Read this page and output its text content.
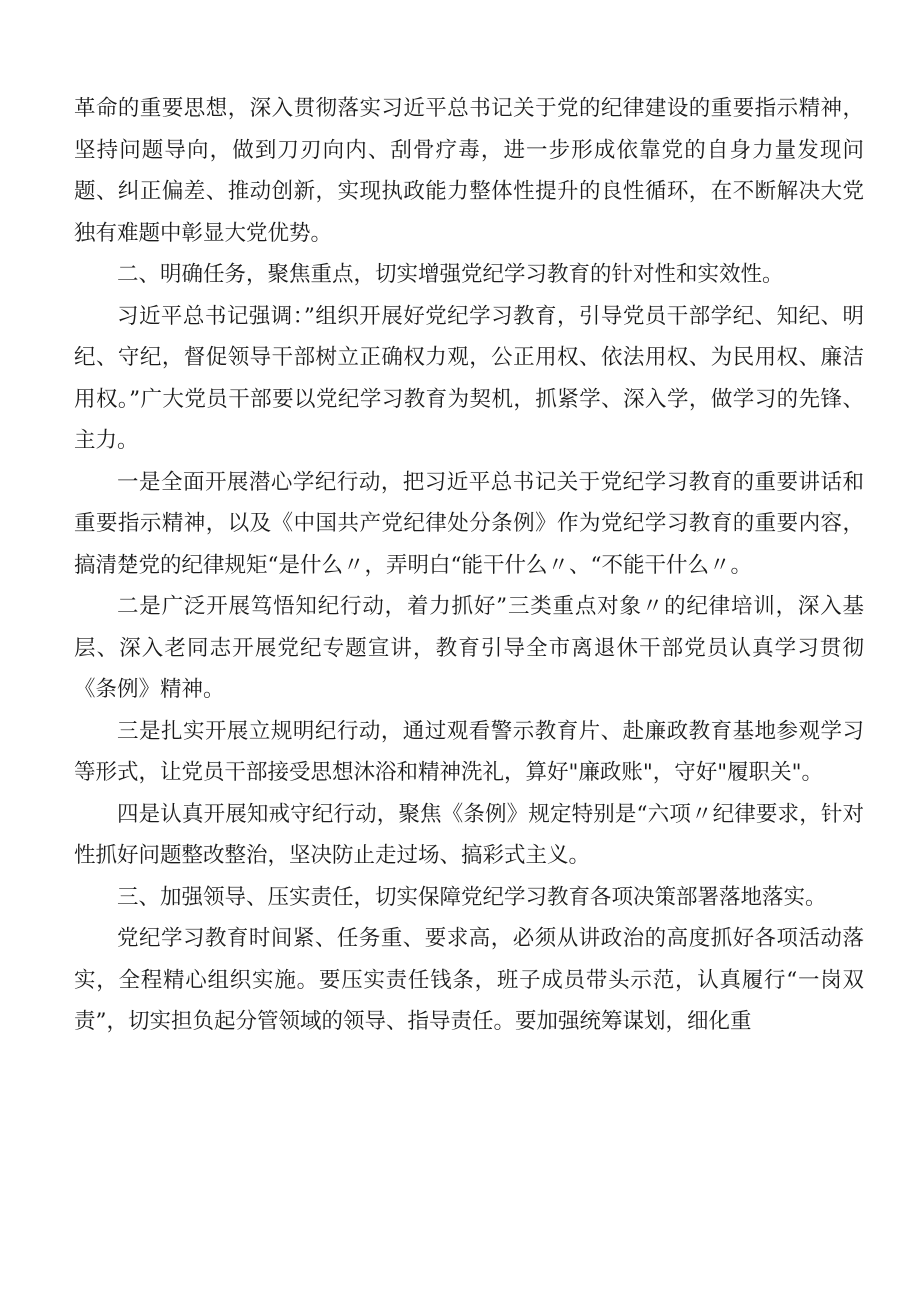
革命的重要思想，深入贯彻落实习近平总书记关于党的纪律建设的重要指示精神，坚持问题导向，做到刀刃向内、刮骨疗毒，进一步形成依靠党的自身力量发现问题、纠正偏差、推动创新，实现执政能力整体性提升的良性循环，在不断解决大党独有难题中彰显大党优势。

二、明确任务，聚焦重点，切实增强党纪学习教育的针对性和实效性。

习近平总书记强调：”组织开展好党纪学习教育，引导党员干部学纪、知纪、明纪、守纪，督促领导干部树立正确权力观，公正用权、依法用权、为民用权、廉洁用权。”广大党员干部要以党纪学习教育为契机，抓紧学、深入学，做学习的先锋、主力。

一是全面开展潜心学纪行动，把习近平总书记关于党纪学习教育的重要讲话和重要指示精神，以及《中国共产党纪律处分条例》作为党纪学习教育的重要内容，搞清楚党的纪律规矩“是什么〃，弄明白“能干什么〃、“不能干什么〃。

二是广泛开展笃悟知纪行动，着力抓好”三类重点对象〃的纪律培训，深入基层、深入老同志开展党纪专题宣讲，教育引导全市离退休干部党员认真学习贯彻《条例》精神。

三是扎实开展立规明纪行动，通过观看警示教育片、赴廉政教育基地参观学习等形式，让党员干部接受思想沐浴和精神洗礼，算好"廉政账"，守好"履职关"。

四是认真开展知戒守纪行动，聚焦《条例》规定特别是“六项〃纪律要求，针对性抓好问题整改整治，坚决防止走过场、搞彩式主义。

三、加强领导、压实责任，切实保障党纪学习教育各项决策部署落地落实。

党纪学习教育时间紧、任务重、要求高，必须从讲政治的高度抓好各项活动落实，全程精心组织实施。要压实责任钱条，班子成员带头示范，认真履行“一岗双责”，切实担负起分管领域的领导、指导责任。要加强统筹谋划，细化重
